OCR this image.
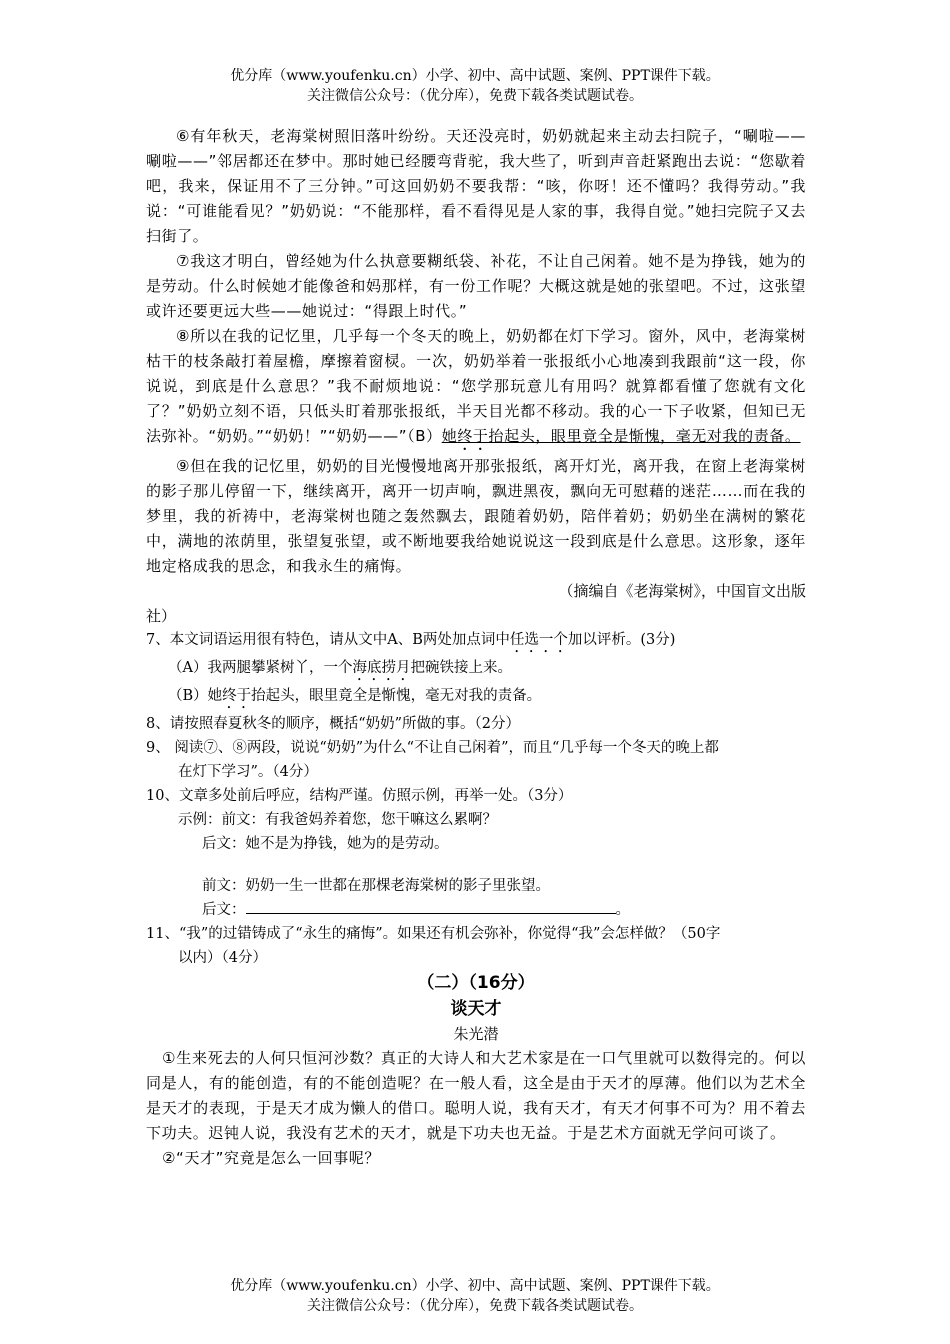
优分库（www.youfenku.cn）小学、初中、高中试题、案例、PPT课件下载。
关注微信公众号：（优分库），免费下载各类试题试卷。
⑥有年秋天，老海棠树照旧落叶纷纷。天还没亮时，奶奶就起来主动去扫院子，“唰啦——唰啦——”邻居都还在梦中。那时她已经腰弯背驼，我大些了，听到声音赶紧跑出去说：“您歇着吧，我来，保证用不了三分钟。”可这回奶奶不要我帮：“咳，你呀！还不懂吗？我得劳动。”我说：“可谁能看见？”奶奶说：“不能那样，看不看得见是人家的事，我得自觉。”她扫完院子又去扫街了。
⑦我这才明白，曾经她为什么执意要糊纸袋、补花，不让自己闲着。她不是为挣钱，她为的是劳动。什么时候她才能像爸和妈那样，有一份工作呢？大概这就是她的张望吧。不过，这张望或许还要更远大些——她说过：“得跟上时代。”
⑧所以在我的记忆里，几乎每一个冬天的晚上，奶奶都在灯下学习。窗外，风中，老海棠树枯干的枝条敲打着屋檐，摩擦着窗棂。一次，奶奶举着一张报纸小心地凑到我跟前“这一段，你说说，到底是什么意思？”我不耐烦地说：“您学那玩意儿有用吗？就算都看懂了您就有文化了？”奶奶立刻不语，只低头盯着那张报纸，半天目光都不移动。我的心一下子收紧，但知已无法弥补。“奶奶。”“奶奶！”“奶奶——”（B）她终于抬起头，眼里竟全是惭愧，毫无对我的责备。
⑨但在我的记忆里，奶奶的目光慢慢地离开那张报纸，离开灯光，离开我，在窗上老海棠树的影子那儿停留一下，继续离开，离开一切声响，飘进黑夜，飘向无可慰藉的迷茫……而在我的梦里，我的祈祷中，老海棠树也随之轰然飘去，跟随着奶奶，陪伴着奶；奶奶坐在满树的繁花中，满地的浓荫里，张望复张望，或不断地要我给她说说这一段到底是什么意思。这形象，逐年地定格成我的思念，和我永生的痛悔。
（摘编自《老海棠树》，中国盲文出版
社）
7、本文词语运用很有特色，请从文中A、B两处加点词中任选一个加以评析。(3分)
（A）我两腿攀紧树丫，一个海底捞月把碗铁接上来。
（B）她终于抬起头，眼里竟全是惭愧，毫无对我的责备。
8、请按照春夏秋冬的顺序，概括“奶奶”所做的事。（2分）
9、 阅读⑦、⑧两段，说说“奶奶”为什么“不让自己闲着”，而且“几乎每一个冬天的晚上都
在灯下学习”。（4分）
10、文章多处前后呼应，结构严谨。仿照示例，再举一处。（3分）
示例：前文：有我爸妈养着您，您干嘛这么累啊？
后文：她不是为挣钱，她为的是劳动。
前文：奶奶一生一世都在那棵老海棠树的影子里张望。
后文：	。
11、“我”的过错铸成了“永生的痛悔”。如果还有机会弥补，你觉得“我”会怎样做？（50字
以内）（4分）
（二）（16分）
谈天才
朱光潜
①生来死去的人何只恒河沙数？真正的大诗人和大艺术家是在一口气里就可以数得完的。何以同是人，有的能创造，有的不能创造呢？在一般人看，这全是由于天才的厚薄。他们以为艺术全是天才的表现，于是天才成为懒人的借口。聪明人说，我有天才，有天才何事不可为？用不着去下功夫。迟钝人说，我没有艺术的天才，就是下功夫也无益。于是艺术方面就无学问可谈了。
②“天才”究竟是怎么一回事呢？
优分库（www.youfenku.cn）小学、初中、高中试题、案例、PPT课件下载。
关注微信公众号：（优分库），免费下载各类试题试卷。
